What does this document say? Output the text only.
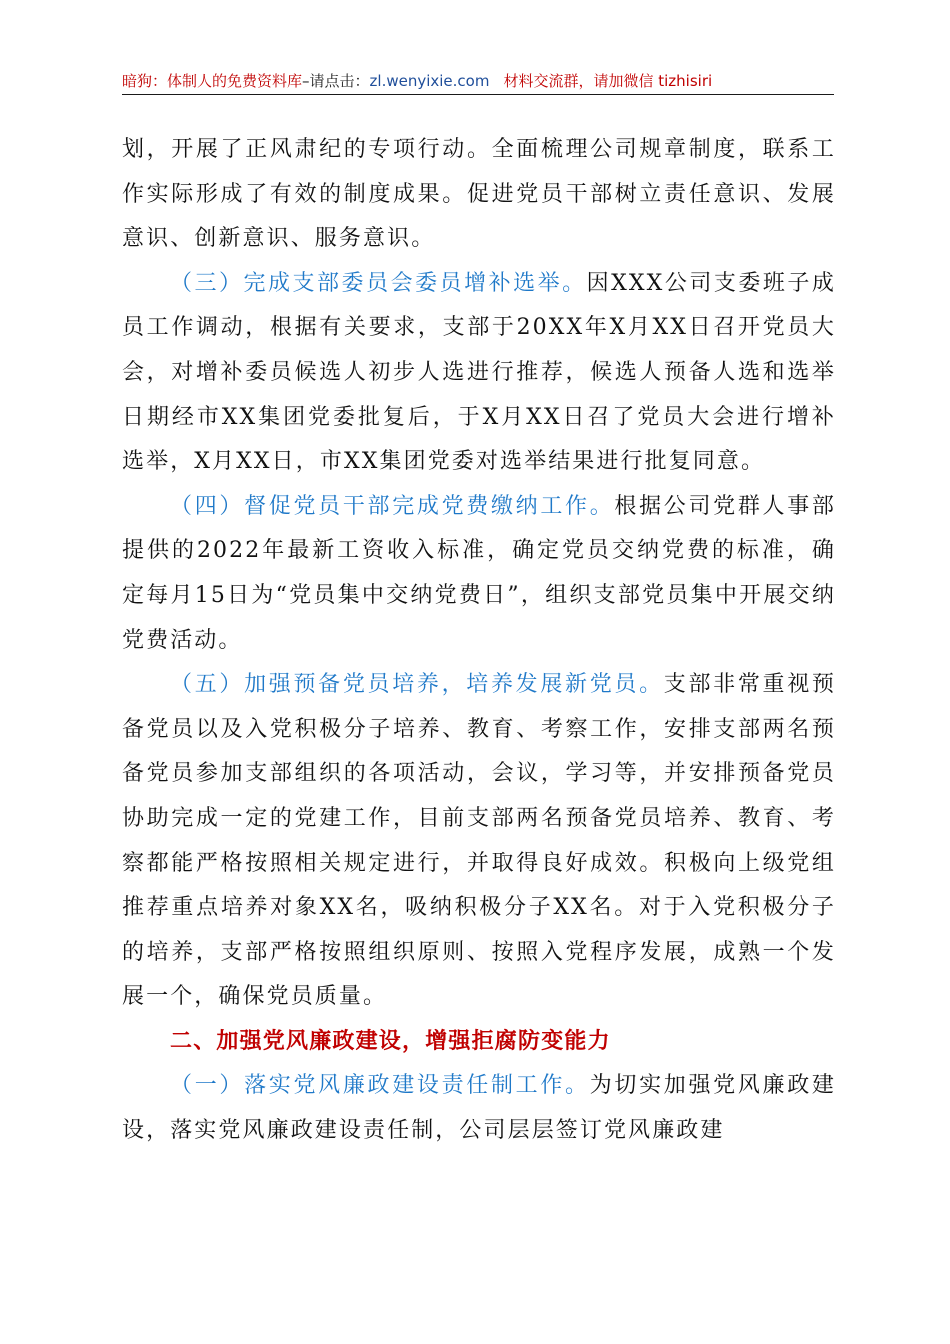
暗狗：体制人的免费资料库–请点击：zl.wenyixie.com 材料交流群，请加微信 tizhisiri

划，开展了正风肃纪的专项行动。全面梳理公司规章制度，联系工作实际形成了有效的制度成果。促进党员干部树立责任意识、发展意识、创新意识、服务意识。

（三）完成支部委员会委员增补选举。因XXX公司支委班子成员工作调动，根据有关要求，支部于20XX年X月XX日召开党员大会，对增补委员候选人初步人选进行推荐，候选人预备人选和选举日期经市XX集团党委批复后，于X月XX日召了党员大会进行增补选举，X月XX日，市XX集团党委对选举结果进行批复同意。

（四）督促党员干部完成党费缴纳工作。根据公司党群人事部提供的2022年最新工资收入标准，确定党员交纳党费的标准，确定每月15日为“党员集中交纳党费日”，组织支部党员集中开展交纳党费活动。

（五）加强预备党员培养，培养发展新党员。支部非常重视预备党员以及入党积极分子培养、教育、考察工作，安排支部两名预备党员参加支部组织的各项活动，会议，学习等，并安排预备党员协助完成一定的党建工作，目前支部两名预备党员培养、教育、考察都能严格按照相关规定进行，并取得良好成效。积极向上级党组推荐重点培养对象XX名，吸纳积极分子XX名。对于入党积极分子的培养，支部严格按照组织原则、按照入党程序发展，成熟一个发展一个，确保党员质量。

二、加强党风廉政建设，增强拒腐防变能力

（一）落实党风廉政建设责任制工作。为切实加强党风廉政建设，落实党风廉政建设责任制，公司层层签订党风廉政建
